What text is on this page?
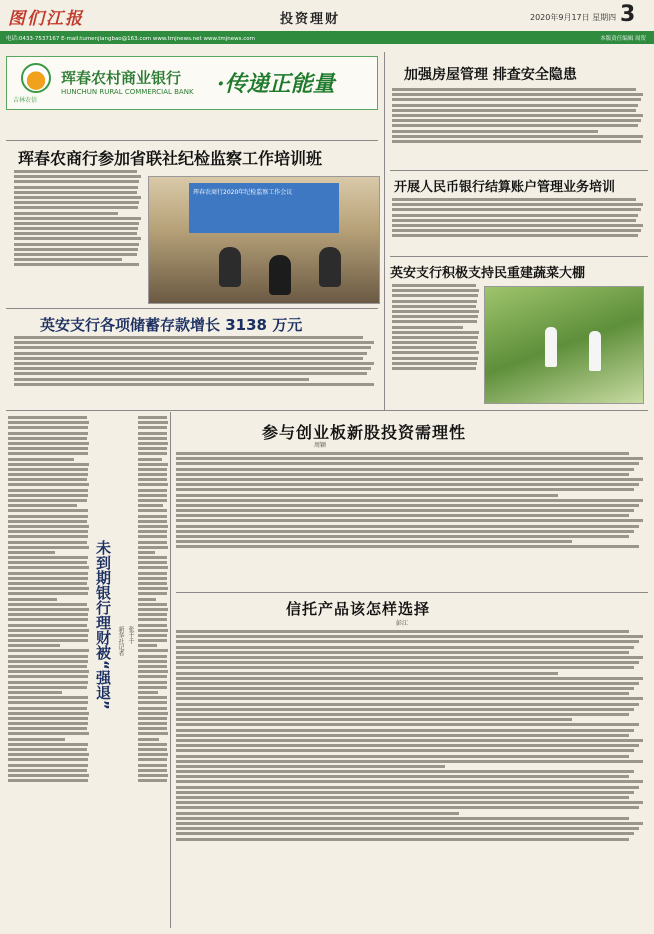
图们江报	投资理财	2020年9月17日 星期四 3
电话:0433-7537167 E-mail:tumenjiangbao@163.com www.tmjnews.net www.tmjnews.com	本版责任编辑 周贺
吉林农信
珲春农村商业银行
HUNCHUN RURAL COMMERCIAL BANK ·传递正能量
珲春农商行参加省联社纪检监察工作培训班
英安支行各项储蓄存款增长 3138 万元
加强房屋管理 排查安全隐患
开展人民币银行结算账户管理业务培训
英安支行积极支持民重建蔬菜大棚
参与创业板新股投资需理性
信托产品该怎样选择
未到期银行理财被“强退”
周颖
彭江
新华社记者 张千千
珲春农商行2020年纪检监察工作会议
